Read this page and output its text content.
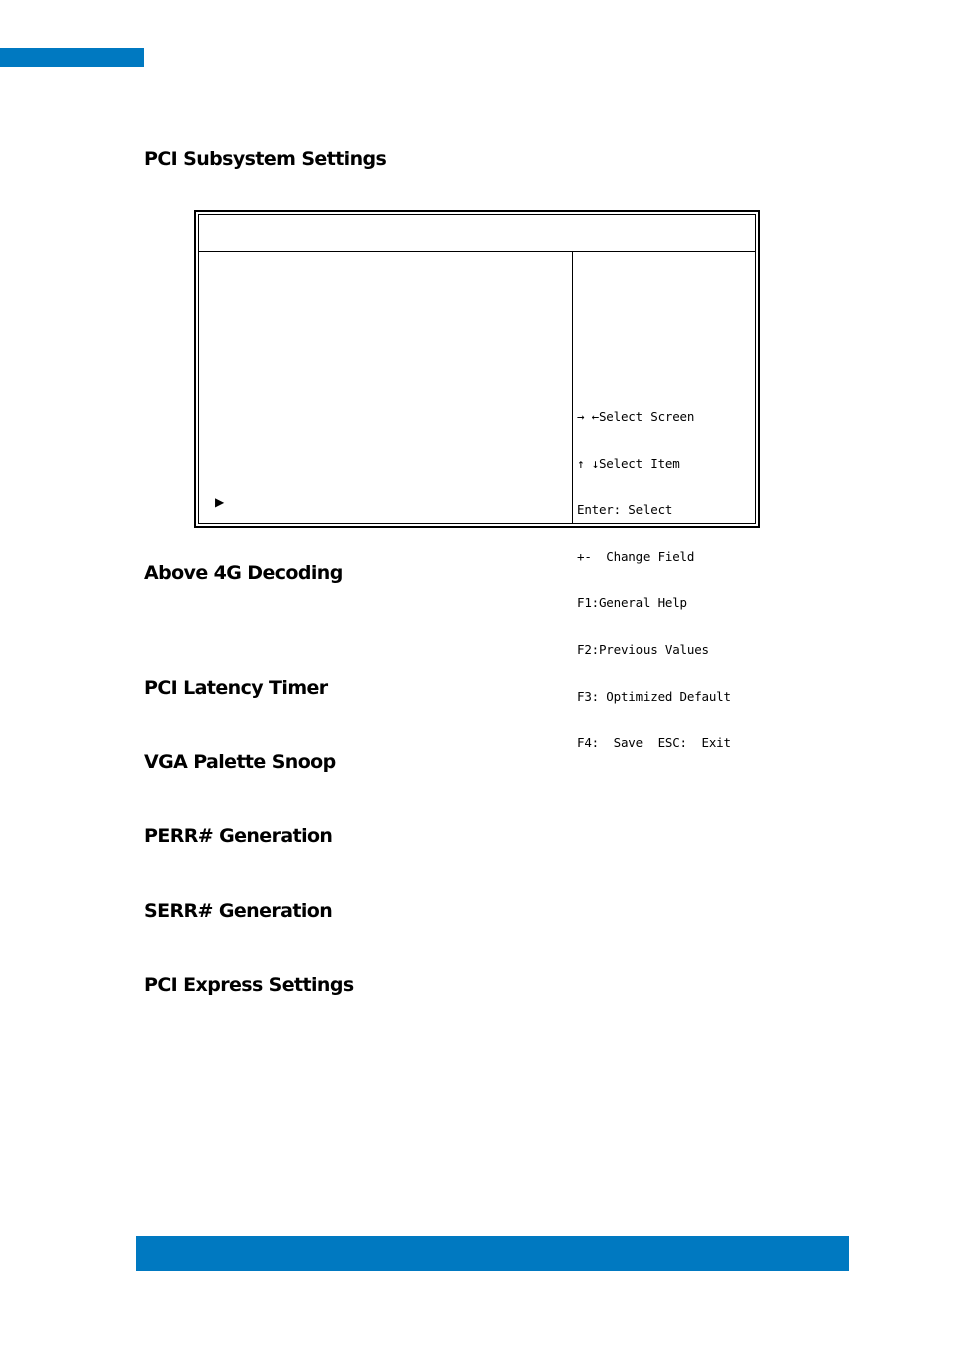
PCI Subsystem Settings
▶

→ ←Select Screen

↑ ↓Select Item

Enter: Select

+-  Change Field

F1:General Help

F2:Previous Values

F3: Optimized Default

F4:  Save  ESC:  Exit

Above 4G Decoding
PCI Latency Timer
VGA Palette Snoop
PERR# Generation
SERR# Generation
PCI Express Settings
